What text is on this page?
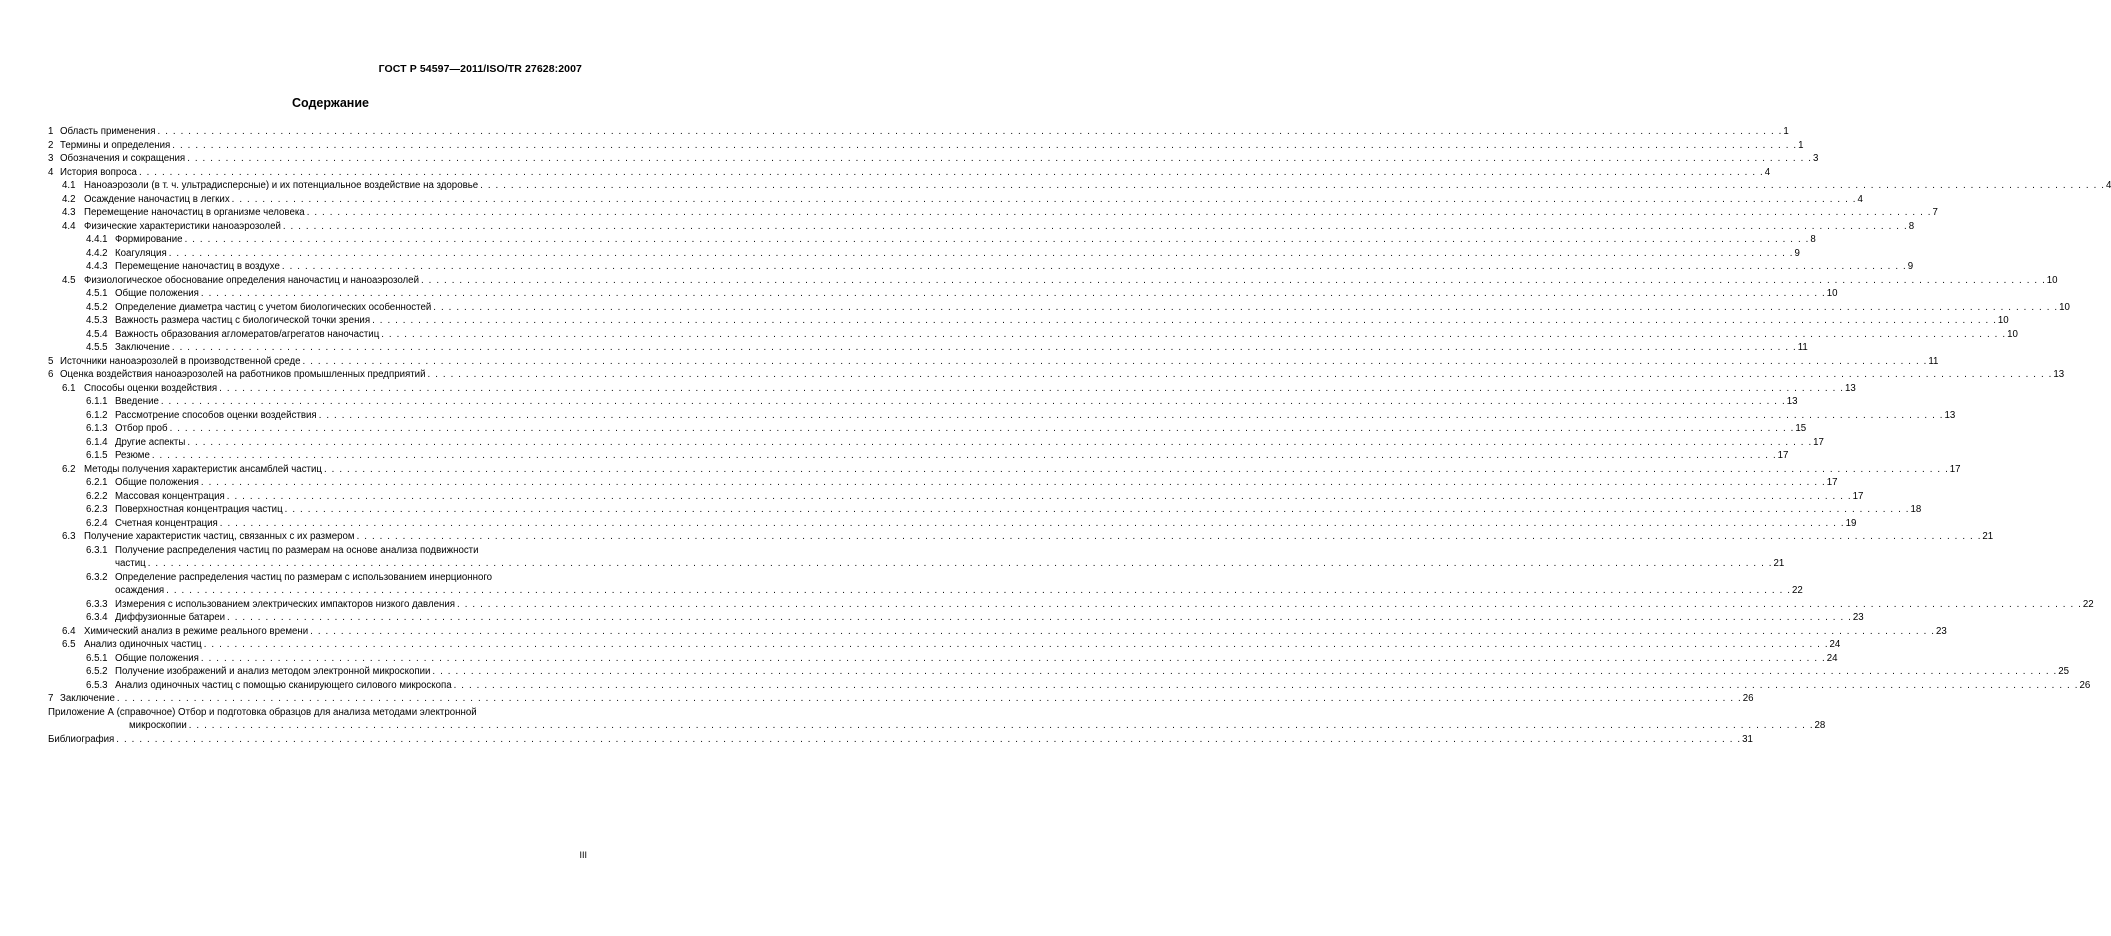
ГОСТ Р 54597—2011/ISO/TR 27628:2007
Содержание
1 Область применения . . .	1
2 Термины и определения . . .	1
3 Обозначения и сокращения . . .	3
4 История вопроса . . .	4
4.1 Наноаэрозоли (в т. ч. ультрадисперсные) и их потенциальное воздействие на здоровье . . .	4
4.2 Осаждение наночастиц в легких . . .	4
4.3 Перемещение наночастиц в организме человека . . .	7
4.4 Физические характеристики наноаэрозолей . . .	8
4.4.1 Формирование . . .	8
4.4.2 Коагуляция . . .	9
4.4.3 Перемещение наночастиц в воздухе . . .	9
4.5 Физиологическое обоснование определения наночастиц и наноаэрозолей . . .	10
4.5.1 Общие положения . . .	10
4.5.2 Определение диаметра частиц с учетом биологических особенностей . . .	10
4.5.3 Важность размера частиц с биологической точки зрения . . .	10
4.5.4 Важность образования агломератов/агрегатов наночастиц . . .	10
4.5.5 Заключение . . .	11
5 Источники наноаэрозолей в производственной среде . . .	11
6 Оценка воздействия наноаэрозолей на работников промышленных предприятий . . .	13
6.1 Способы оценки воздействия . . .	13
6.1.1 Введение . . .	13
6.1.2 Рассмотрение способов оценки воздействия . . .	13
6.1.3 Отбор проб . . .	15
6.1.4 Другие аспекты . . .	17
6.1.5 Резюме . . .	17
6.2 Методы получения характеристик ансамблей частиц . . .	17
6.2.1 Общие положения . . .	17
6.2.2 Массовая концентрация . . .	17
6.2.3 Поверхностная концентрация частиц . . .	18
6.2.4 Счетная концентрация . . .	19
6.3 Получение характеристик частиц, связанных с их размером . . .	21
6.3.1 Получение распределения частиц по размерам на основе анализа подвижности
частиц . . .	21
6.3.2 Определение распределения частиц по размерам с использованием инерционного
осаждения . . .	22
6.3.3 Измерения с использованием электрических импакторов низкого давления . . .	22
6.3.4 Диффузионные батареи . . .	23
6.4 Химический анализ в режиме реального времени . . .	23
6.5 Анализ одиночных частиц . . .	24
6.5.1 Общие положения . . .	24
6.5.2 Получение изображений и анализ методом электронной микроскопии . . .	25
6.5.3 Анализ одиночных частиц с помощью сканирующего силового микроскопа . . .	26
7 Заключение . . .	26
Приложение А (справочное) Отбор и подготовка образцов для анализа методами электронной
микроскопии . . .	28
Библиография . . .	31
III
